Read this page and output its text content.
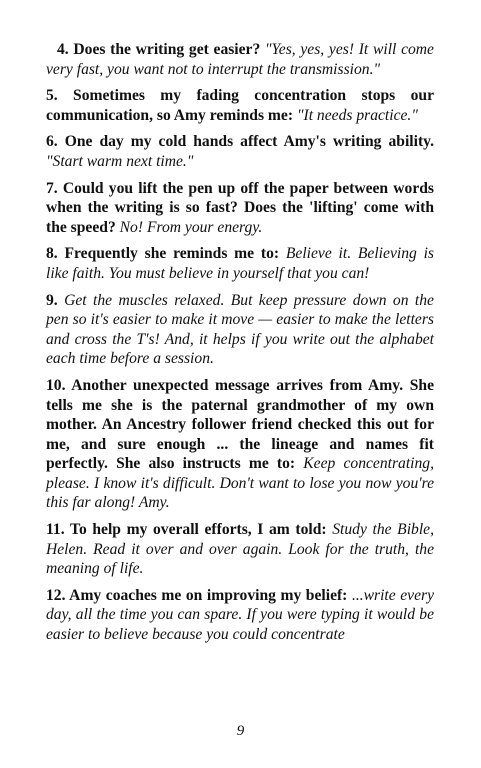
4. Does the writing get easier? "Yes, yes, yes! It will come very fast, you want not to interrupt the transmission."

5. Sometimes my fading concentration stops our communication, so Amy reminds me: "It needs practice."

6. One day my cold hands affect Amy's writing ability. "Start warm next time."

7. Could you lift the pen up off the paper between words when the writing is so fast? Does the 'lifting' come with the speed? No! From your energy.

8. Frequently she reminds me to: Believe it. Believing is like faith. You must believe in yourself that you can!

9. Get the muscles relaxed. But keep pressure down on the pen so it's easier to make it move — easier to make the letters and cross the T's! And, it helps if you write out the alphabet each time before a session.

10. Another unexpected message arrives from Amy. She tells me she is the paternal grandmother of my own mother. An Ancestry follower friend checked this out for me, and sure enough ... the lineage and names fit perfectly. She also instructs me to: Keep concentrating, please. I know it's difficult. Don't want to lose you now you're this far along! Amy.

11. To help my overall efforts, I am told: Study the Bible, Helen. Read it over and over again. Look for the truth, the meaning of life.

12. Amy coaches me on improving my belief: ...write every day, all the time you can spare. If you were typing it would be easier to believe because you could concentrate

9
